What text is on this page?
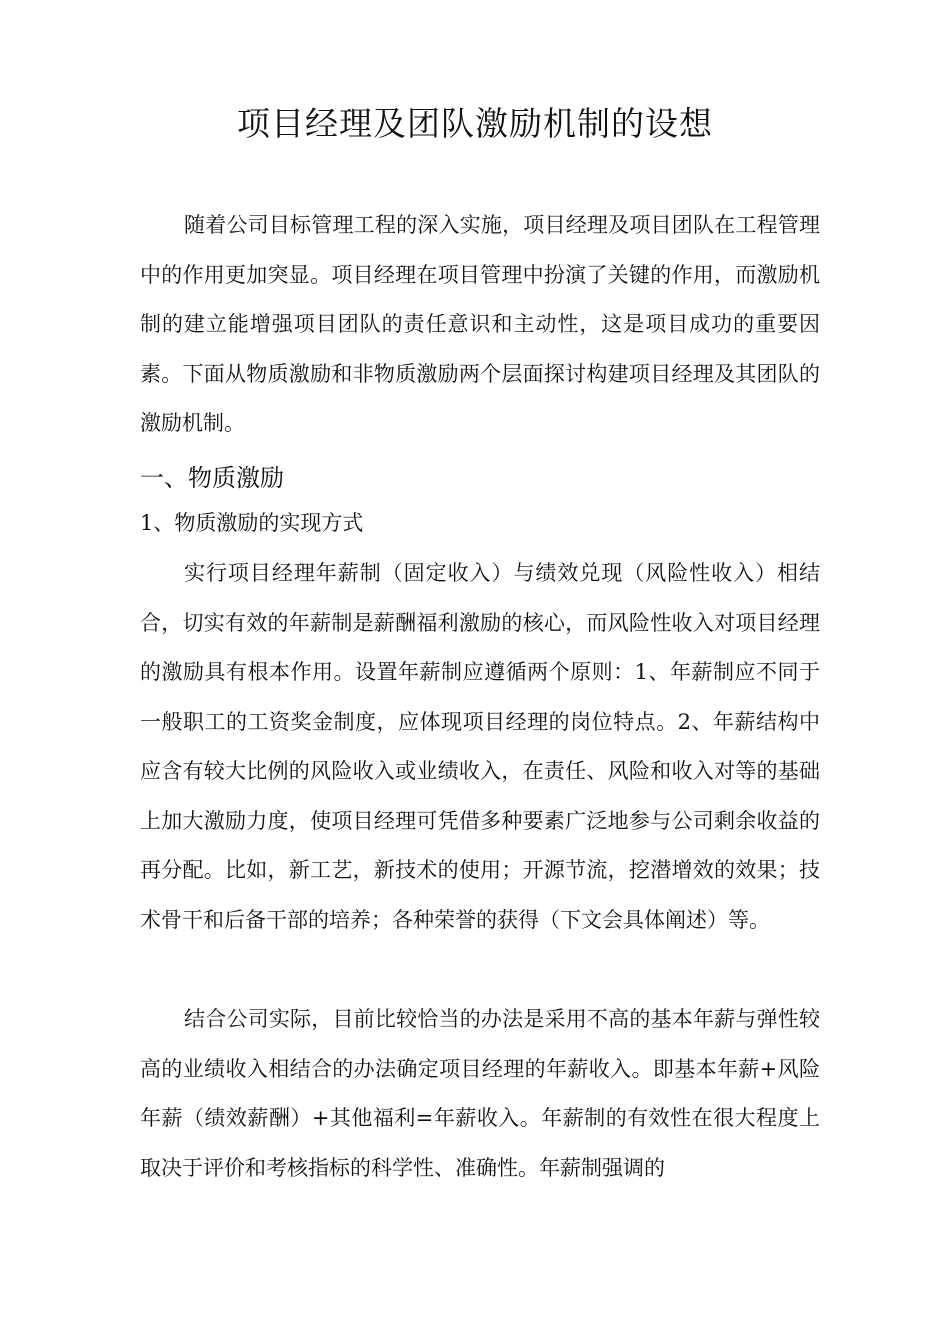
项目经理及团队激励机制的设想

随着公司目标管理工程的深入实施，项目经理及项目团队在工程管理中的作用更加突显。项目经理在项目管理中扮演了关键的作用，而激励机制的建立能增强项目团队的责任意识和主动性，这是项目成功的重要因素。下面从物质激励和非物质激励两个层面探讨构建项目经理及其团队的激励机制。

一、物质激励
1、物质激励的实现方式

实行项目经理年薪制（固定收入）与绩效兑现（风险性收入）相结合，切实有效的年薪制是薪酬福利激励的核心，而风险性收入对项目经理的激励具有根本作用。设置年薪制应遵循两个原则：1、年薪制应不同于一般职工的工资奖金制度，应体现项目经理的岗位特点。2、年薪结构中应含有较大比例的风险收入或业绩收入，在责任、风险和收入对等的基础上加大激励力度，使项目经理可凭借多种要素广泛地参与公司剩余收益的再分配。比如，新工艺，新技术的使用；开源节流，挖潜增效的效果；技术骨干和后备干部的培养；各种荣誉的获得（下文会具体阐述）等。

结合公司实际，目前比较恰当的办法是采用不高的基本年薪与弹性较高的业绩收入相结合的办法确定项目经理的年薪收入。即基本年薪+风险年薪（绩效薪酬）+其他福利=年薪收入。年薪制的有效性在很大程度上取决于评价和考核指标的科学性、准确性。年薪制强调的
